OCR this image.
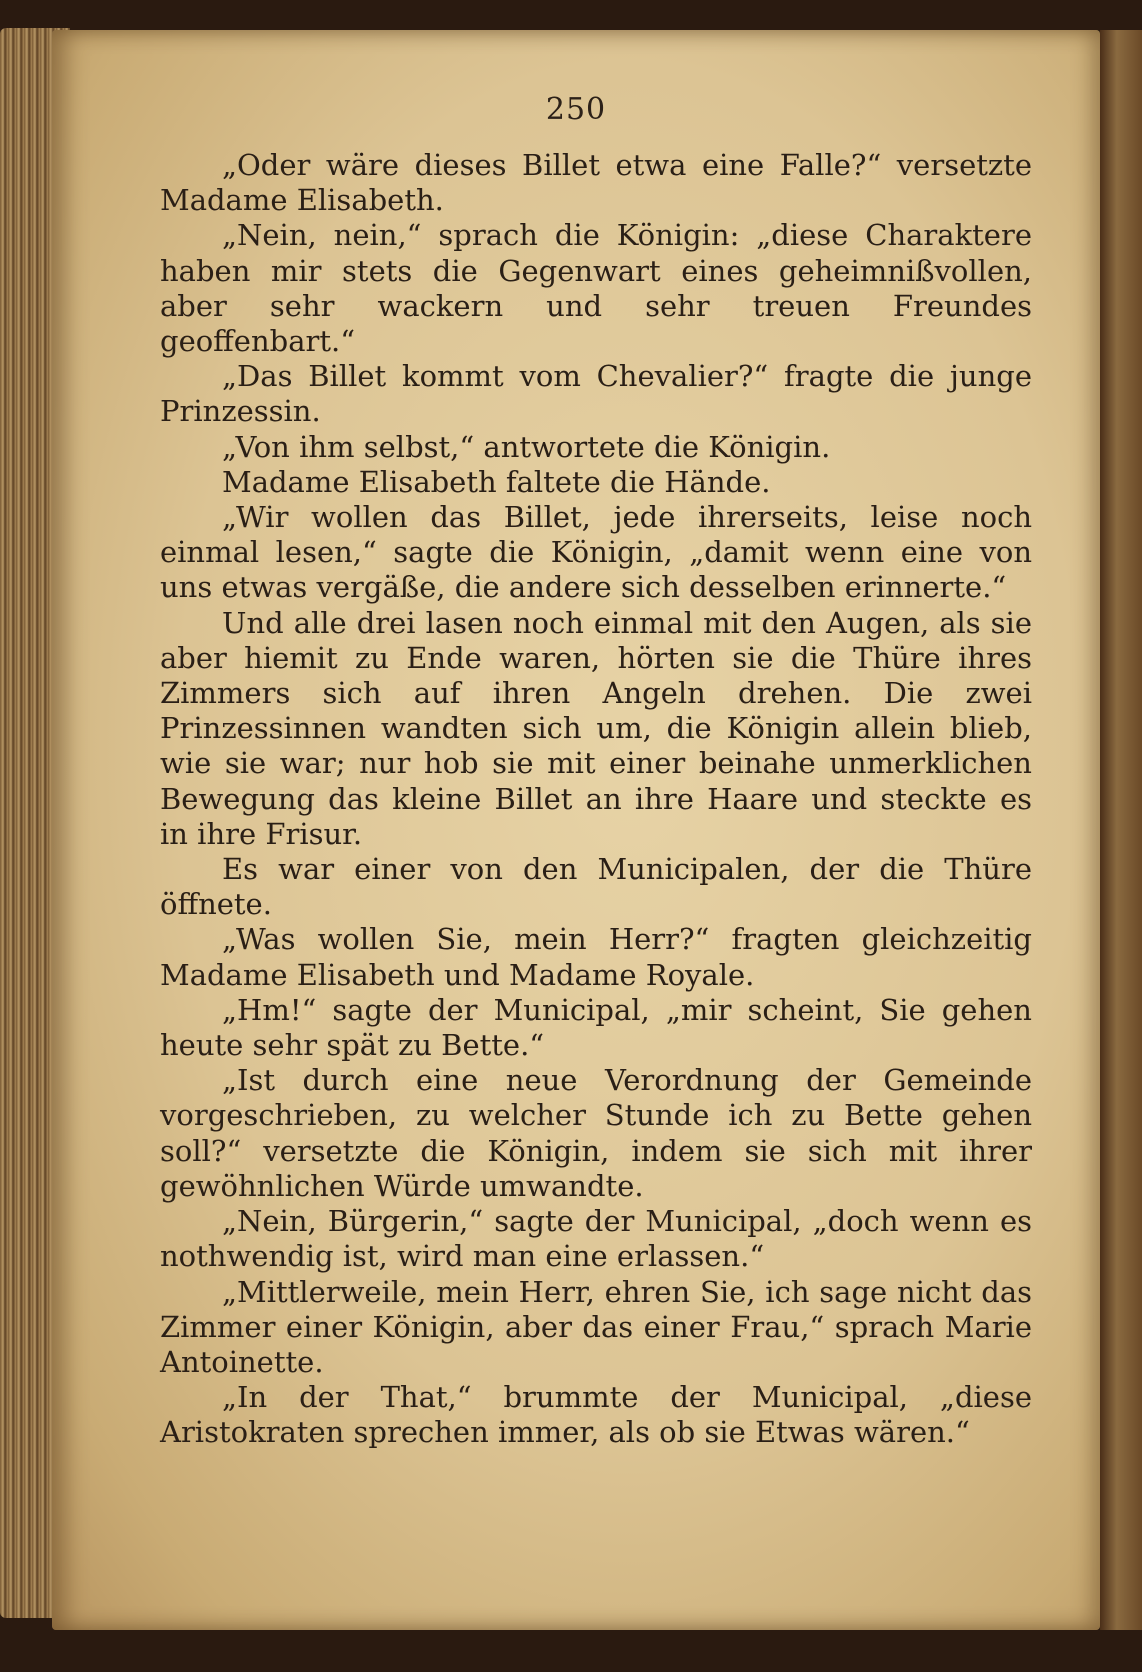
250

„Oder wäre dieses Billet etwa eine Falle?“ versetzte Madame Elisabeth.

„Nein, nein,“ sprach die Königin: „diese Charaktere haben mir stets die Gegenwart eines geheimnißvollen, aber sehr wackern und sehr treuen Freundes geoffenbart.“

„Das Billet kommt vom Chevalier?“ fragte die junge Prinzessin.

„Von ihm selbst,“ antwortete die Königin.

Madame Elisabeth faltete die Hände.

„Wir wollen das Billet, jede ihrerseits, leise noch einmal lesen,“ sagte die Königin, „damit wenn eine von uns etwas vergäße, die andere sich desselben erinnerte.“

Und alle drei lasen noch einmal mit den Augen, als sie aber hiemit zu Ende waren, hörten sie die Thüre ihres Zimmers sich auf ihren Angeln drehen. Die zwei Prinzessinnen wandten sich um, die Königin allein blieb, wie sie war; nur hob sie mit einer beinahe unmerklichen Bewegung das kleine Billet an ihre Haare und steckte es in ihre Frisur.

Es war einer von den Municipalen, der die Thüre öffnete.

„Was wollen Sie, mein Herr?“ fragten gleichzeitig Madame Elisabeth und Madame Royale.

„Hm!“ sagte der Municipal, „mir scheint, Sie gehen heute sehr spät zu Bette.“

„Ist durch eine neue Verordnung der Gemeinde vorgeschrieben, zu welcher Stunde ich zu Bette gehen soll?“ versetzte die Königin, indem sie sich mit ihrer gewöhnlichen Würde umwandte.

„Nein, Bürgerin,“ sagte der Municipal, „doch wenn es nothwendig ist, wird man eine erlassen.“

„Mittlerweile, mein Herr, ehren Sie, ich sage nicht das Zimmer einer Königin, aber das einer Frau,“ sprach Marie Antoinette.

„In der That,“ brummte der Municipal, „diese Aristokraten sprechen immer, als ob sie Etwas wären.“
